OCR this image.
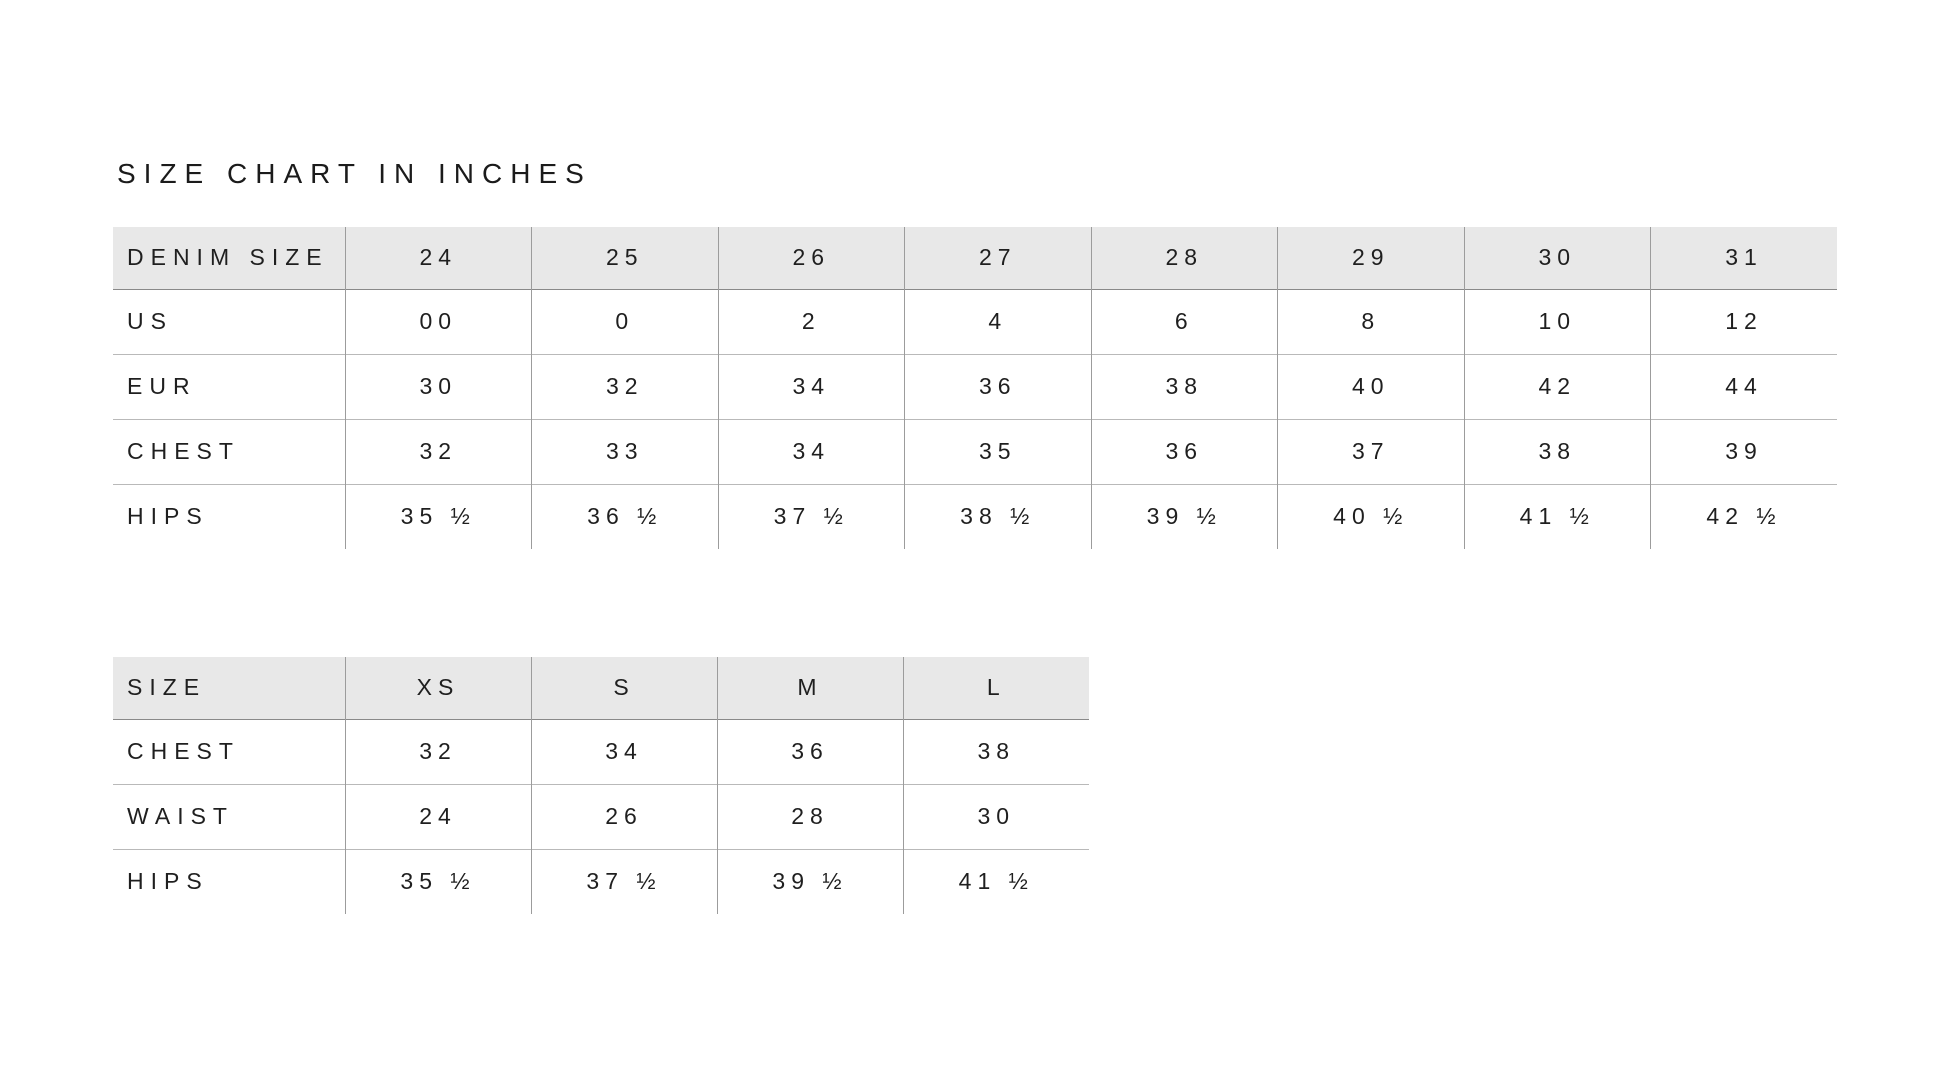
SIZE CHART IN INCHES
DENIM SIZE	24	25	26	27	28	29	30	31
US	00	0	2	4	6	8	10	12
EUR	30	32	34	36	38	40	42	44
CHEST	32	33	34	35	36	37	38	39
HIPS	35 ½	36 ½	37 ½	38 ½	39 ½	40 ½	41 ½	42 ½
SIZE	XS	S	M	L
CHEST	32	34	36	38
WAIST	24	26	28	30
HIPS	35 ½	37 ½	39 ½	41 ½
